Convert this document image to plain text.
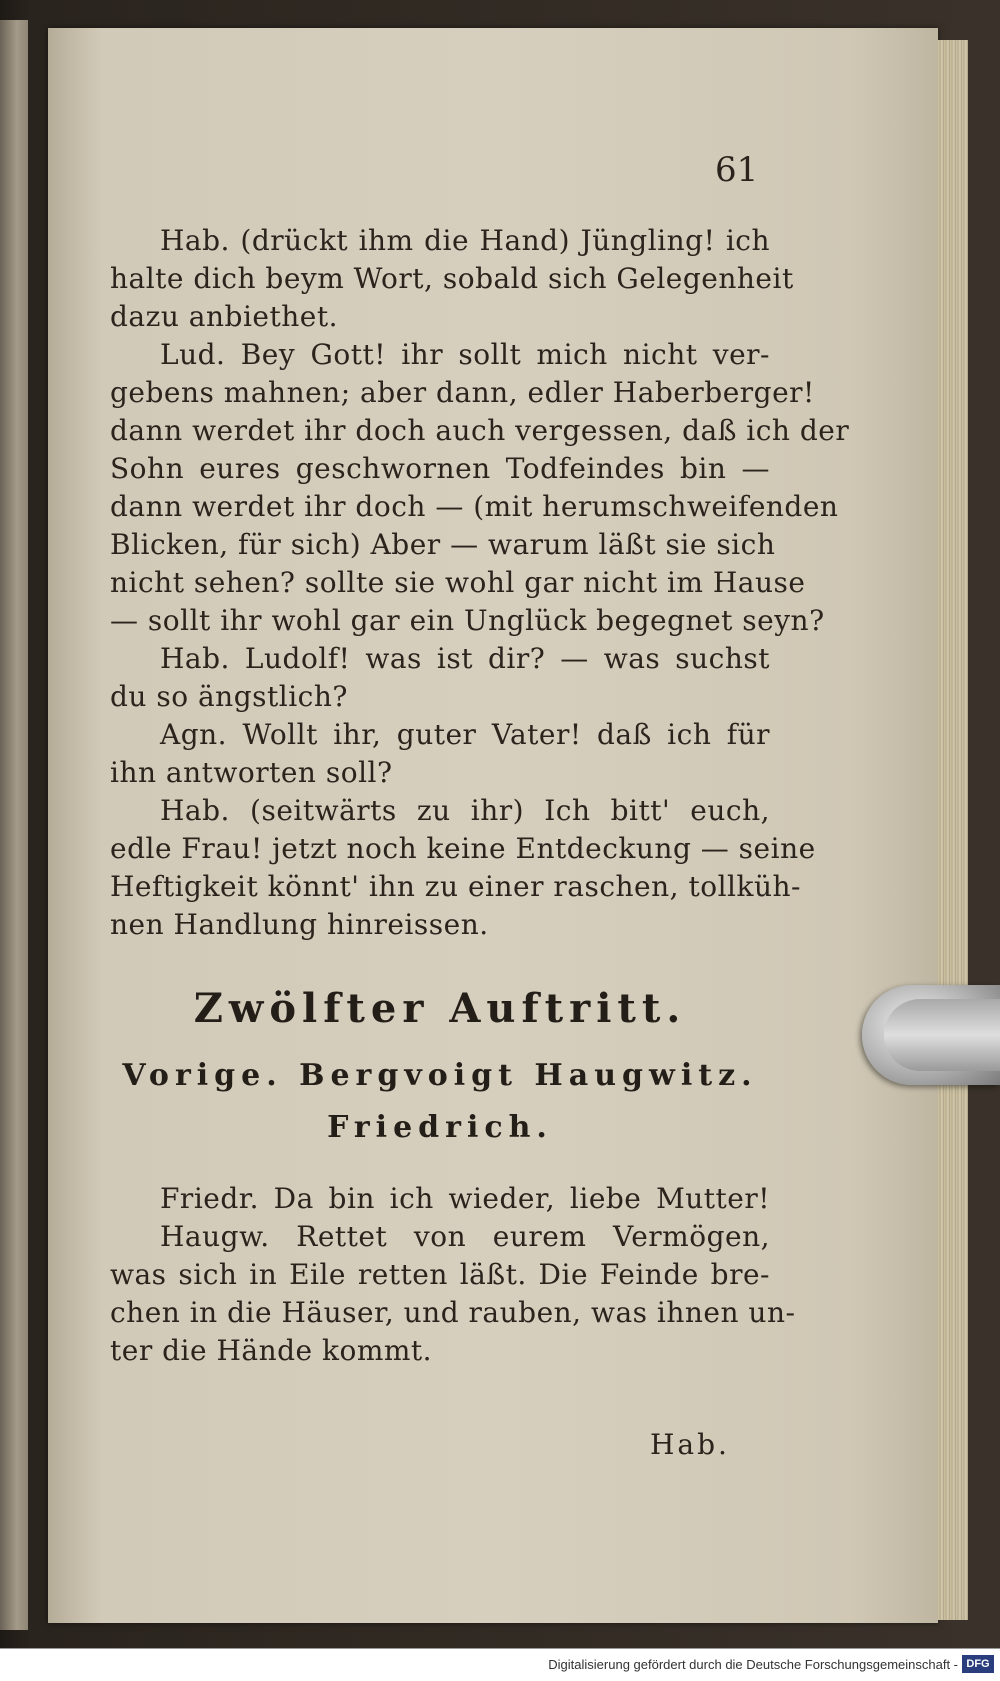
61
Hab. (drückt ihm die Hand) Jüngling! ich
halte dich beym Wort, sobald sich Gelegenheit
dazu anbiethet.
Lud. Bey Gott! ihr sollt mich nicht ver-
gebens mahnen; aber dann, edler Haberberger!
dann werdet ihr doch auch vergessen, daß ich der
Sohn eures geschwornen Todfeindes bin —
dann werdet ihr doch — (mit herumschweifenden
Blicken, für sich) Aber — warum läßt sie sich
nicht sehen? sollte sie wohl gar nicht im Hause
— sollt ihr wohl gar ein Unglück begegnet seyn?
Hab. Ludolf! was ist dir? — was suchst
du so ängstlich?
Agn. Wollt ihr, guter Vater! daß ich für
ihn antworten soll?
Hab. (seitwärts zu ihr) Ich bitt' euch,
edle Frau! jetzt noch keine Entdeckung — seine
Heftigkeit könnt' ihn zu einer raschen, tollküh-
nen Handlung hinreissen.
Zwölfter Auftritt.
Vorige. Bergvoigt Haugwitz.
Friedrich.
Friedr. Da bin ich wieder, liebe Mutter!
Haugw. Rettet von eurem Vermögen,
was sich in Eile retten läßt. Die Feinde bre-
chen in die Häuser, und rauben, was ihnen un-
ter die Hände kommt.
Hab.
Digitalisierung gefördert durch die Deutsche Forschungsgemeinschaft - DFG
